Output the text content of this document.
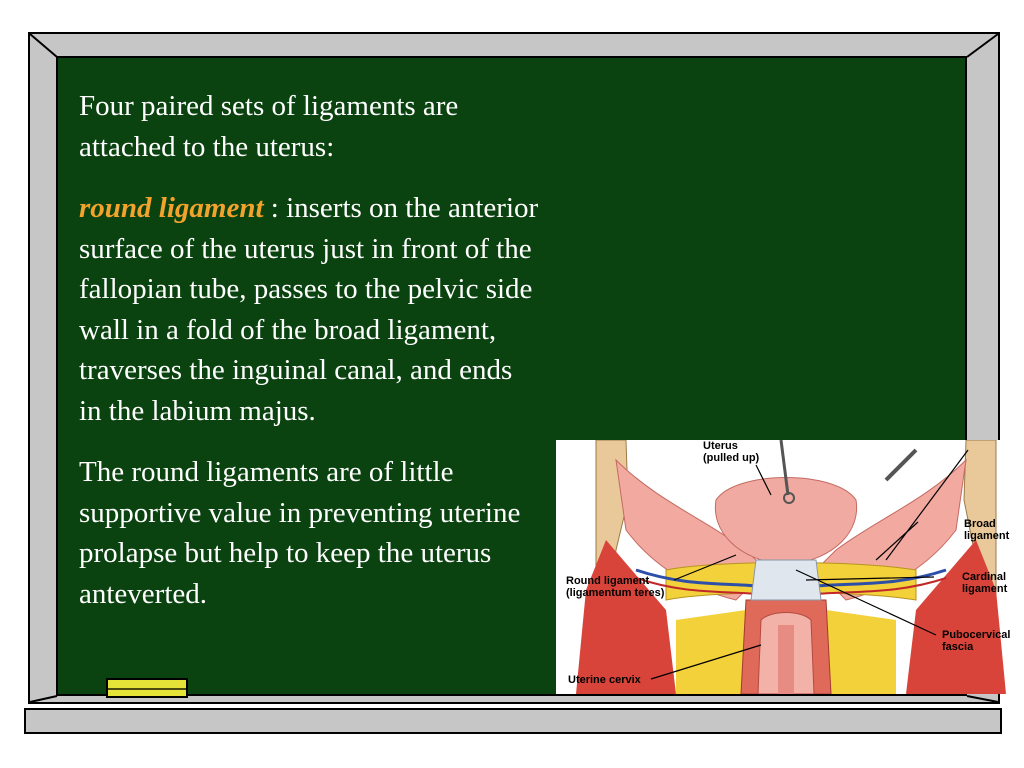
Four paired sets of ligaments are attached to the uterus:

round ligament : inserts on the anterior surface of the uterus just in front of the fallopian tube, passes to the pelvic side wall in a fold of the broad ligament, traverses the inguinal canal, and ends in the labium majus.

The round ligaments are of little supportive value in preventing uterine prolapse but help to keep the uterus anteverted.

Uterus
(pulled up)
Broad
ligament
Round ligament
(ligamentum teres)
Cardinal
ligament
Pubocervical
fascia
Uterine cervix
